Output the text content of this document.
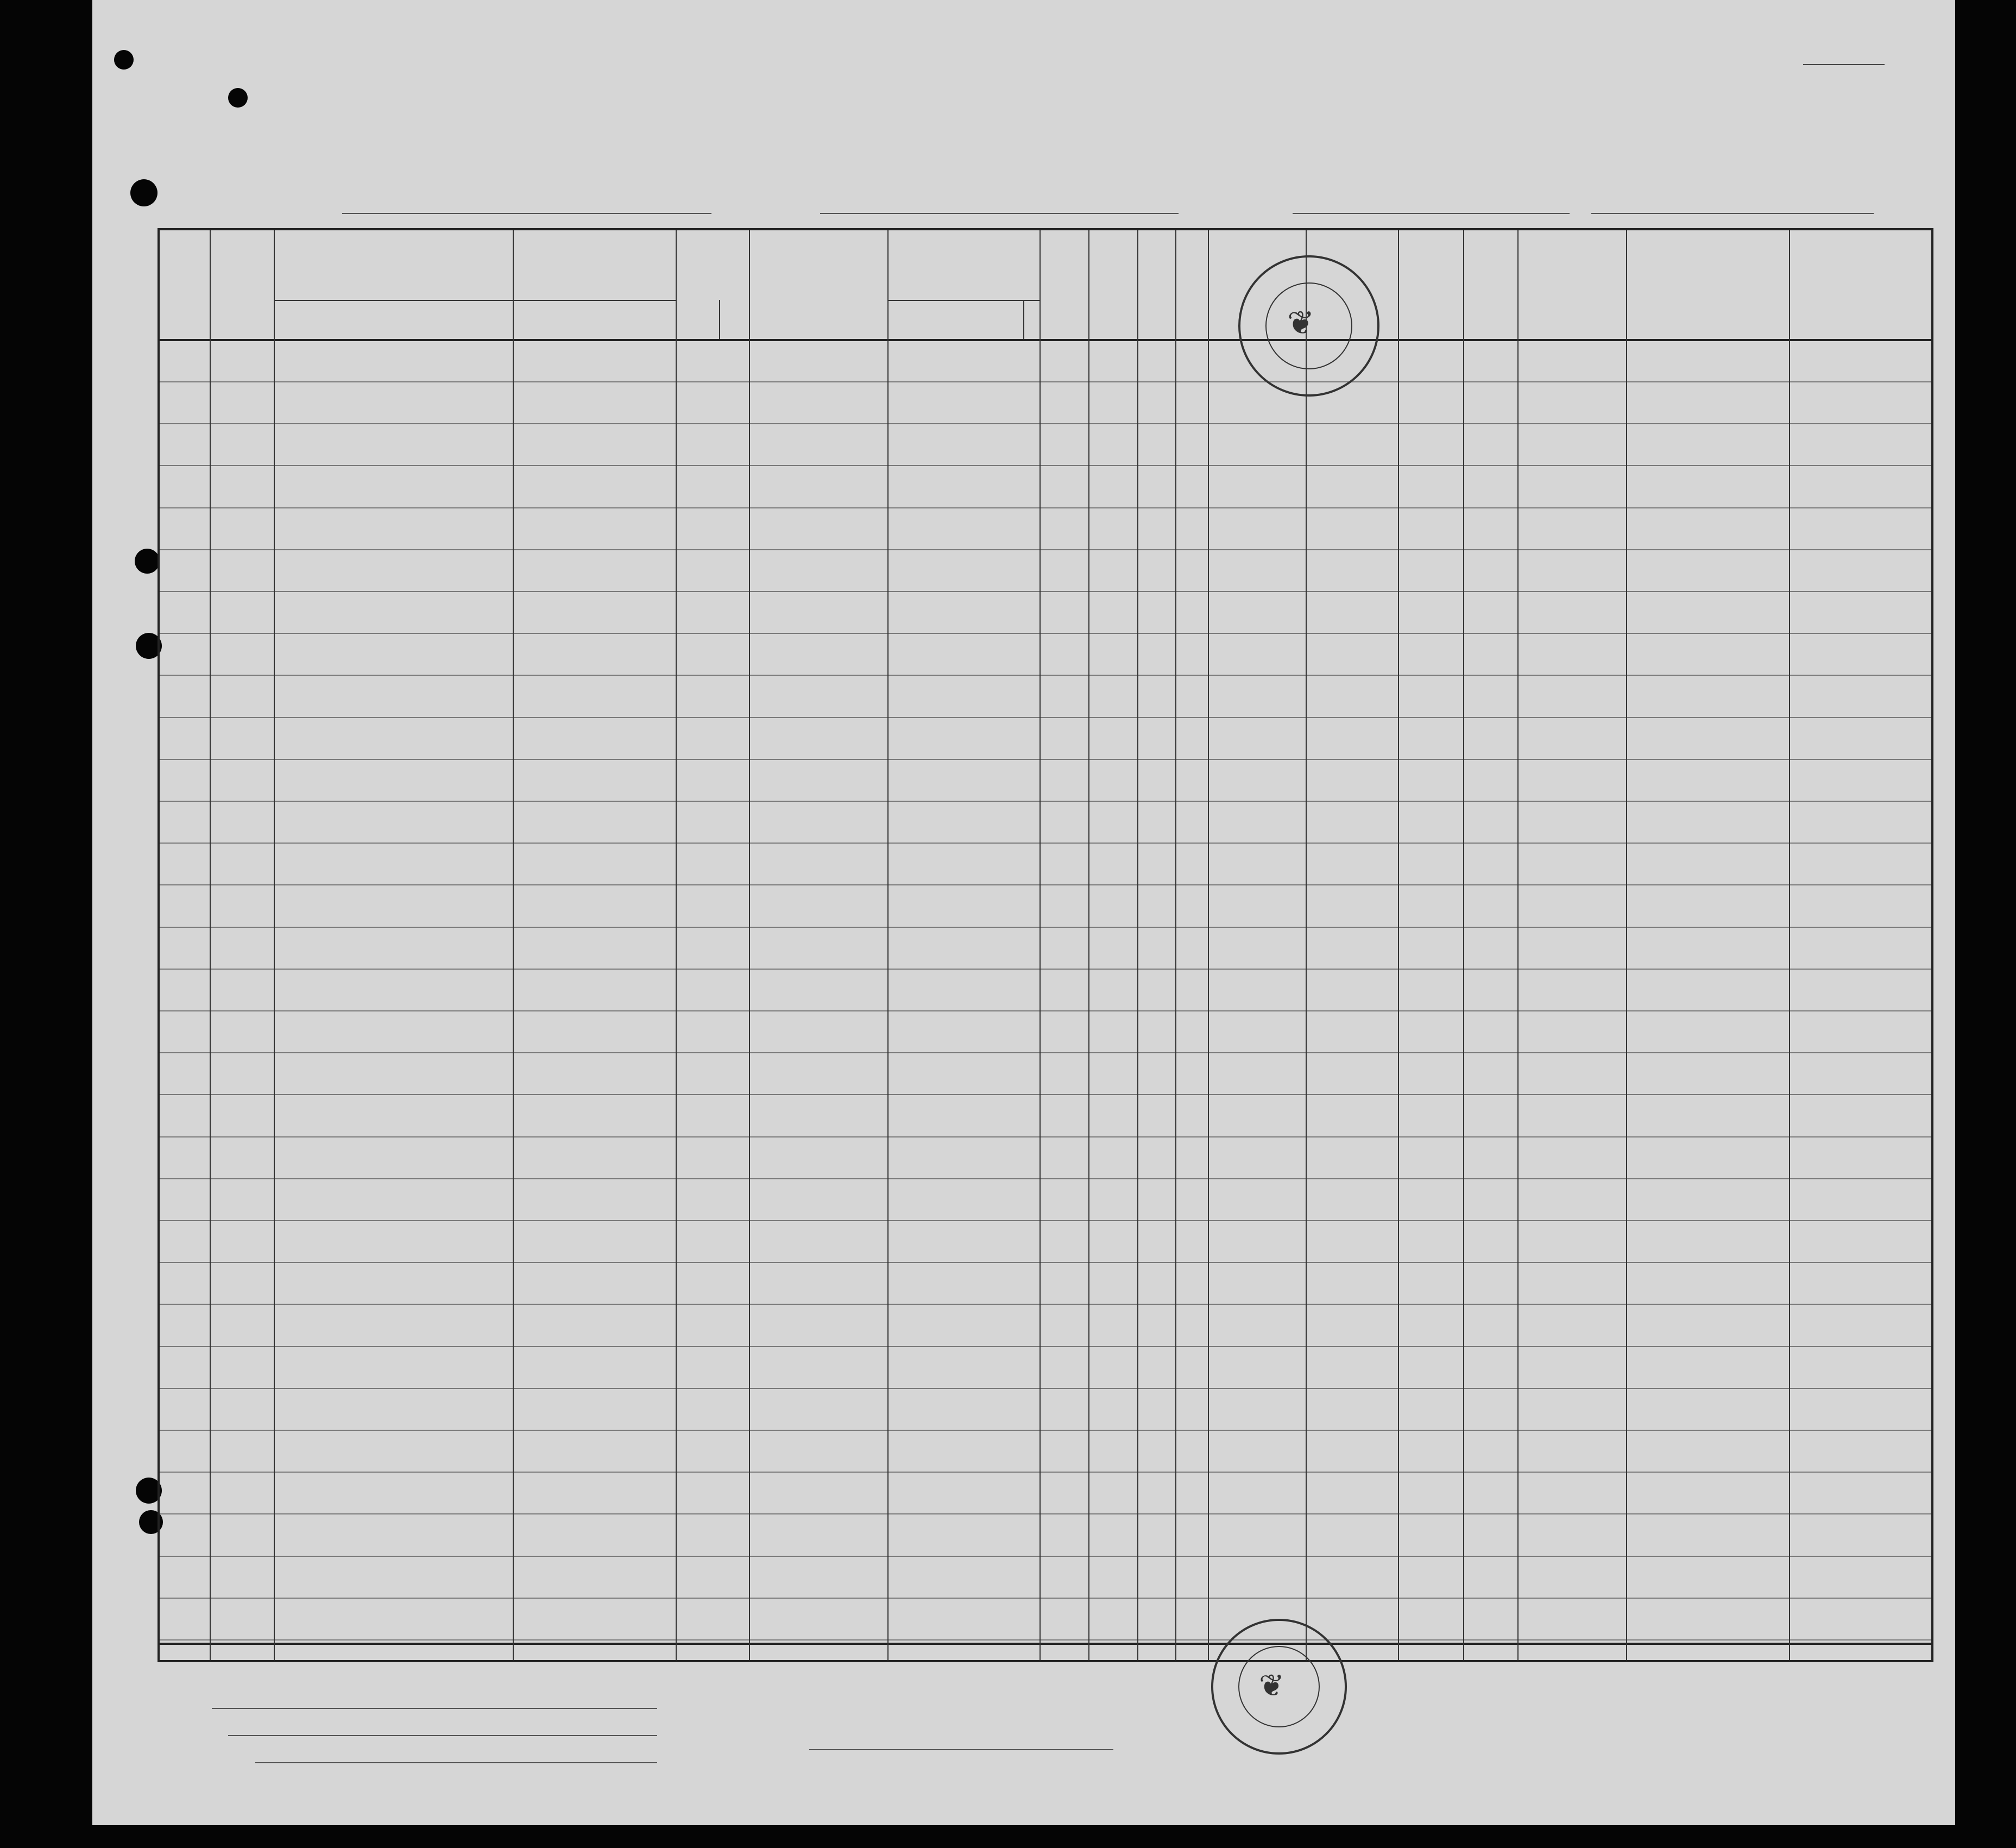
❦
❦
